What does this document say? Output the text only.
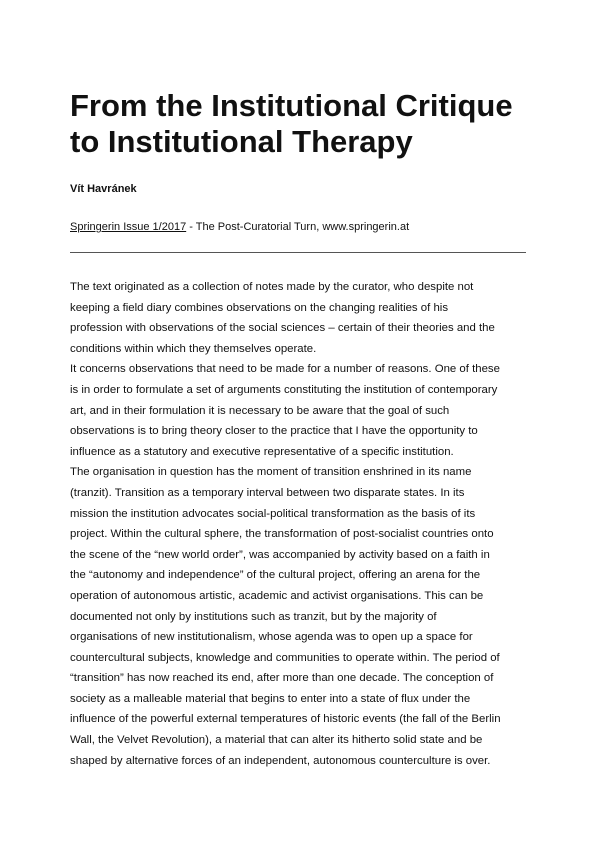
From the Institutional Critique
to Institutional Therapy
Vít Havránek
Springerin Issue 1/2017 - The Post-Curatorial Turn, www.springerin.at

The text originated as a collection of notes made by the curator, who despite not
keeping a field diary combines observations on the changing realities of his
profession with observations of the social sciences – certain of their theories and the
conditions within which they themselves operate.

It concerns observations that need to be made for a number of reasons. One of these
is in order to formulate a set of arguments constituting the institution of contemporary
art, and in their formulation it is necessary to be aware that the goal of such
observations is to bring theory closer to the practice that I have the opportunity to
influence as a statutory and executive representative of a specific institution.

The organisation in question has the moment of transition enshrined in its name
(tranzit). Transition as a temporary interval between two disparate states. In its
mission the institution advocates social-political transformation as the basis of its
project. Within the cultural sphere, the transformation of post-socialist countries onto
the scene of the “new world order”, was accompanied by activity based on a faith in
the “autonomy and independence” of the cultural project, offering an arena for the
operation of autonomous artistic, academic and activist organisations. This can be
documented not only by institutions such as tranzit, but by the majority of
organisations of new institutionalism, whose agenda was to open up a space for
countercultural subjects, knowledge and communities to operate within. The period of
“transition” has now reached its end, after more than one decade. The conception of
society as a malleable material that begins to enter into a state of flux under the
influence of the powerful external temperatures of historic events (the fall of the Berlin
Wall, the Velvet Revolution), a material that can alter its hitherto solid state and be
shaped by alternative forces of an independent, autonomous counterculture is over.
